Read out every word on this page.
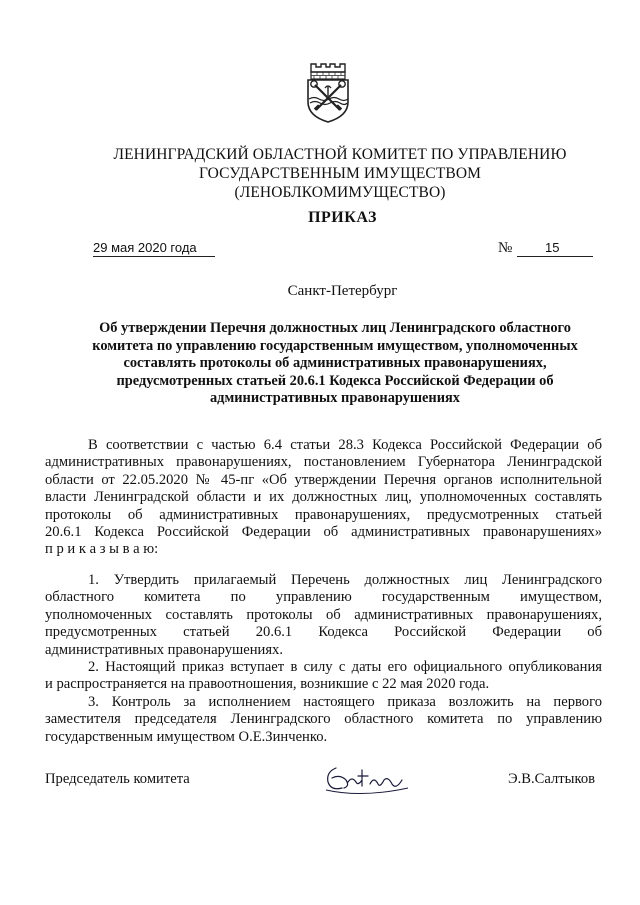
ЛЕНИНГРАДСКИЙ ОБЛАСТНОЙ КОМИТЕТ ПО УПРАВЛЕНИЮ
ГОСУДАРСТВЕННЫМ ИМУЩЕСТВОМ
(ЛЕНОБЛКОМИМУЩЕСТВО)
ПРИКАЗ
29 мая 2020 года	№	15
Санкт-Петербург
Об утверждении Перечня должностных лиц Ленинградского областного
комитета по управлению государственным имуществом, уполномоченных
составлять протоколы об административных правонарушениях,
предусмотренных статьей 20.6.1 Кодекса Российской Федерации об
административных правонарушениях
В соответствии с частью 6.4 статьи 28.3 Кодекса Российской Федерации об
административных правонарушениях, постановлением Губернатора Ленинградской
области от 22.05.2020 № 45-пг «Об утверждении Перечня органов исполнительной
власти Ленинградской области и их должностных лиц, уполномоченных составлять
протоколы об административных правонарушениях, предусмотренных статьей
20.6.1 Кодекса Российской Федерации об административных правонарушениях»
п р и к а з ы в а ю:
1. Утвердить прилагаемый Перечень должностных лиц Ленинградского
областного комитета по управлению государственным имуществом,
уполномоченных составлять протоколы об административных правонарушениях,
предусмотренных статьей 20.6.1 Кодекса Российской Федерации об
административных правонарушениях.
2. Настоящий приказ вступает в силу с даты его официального опубликования
и распространяется на правоотношения, возникшие с 22 мая 2020 года.
3. Контроль за исполнением настоящего приказа возложить на первого
заместителя председателя Ленинградского областного комитета по управлению
государственным имуществом О.Е.Зинченко.
Председатель комитета	Э.В.Салтыков
